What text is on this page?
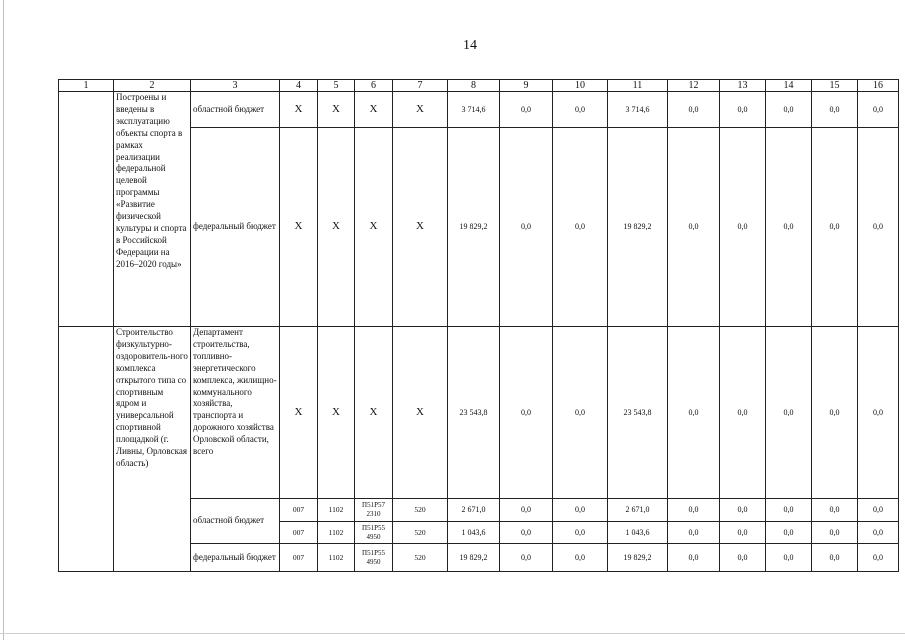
14
1	2	3	4	5	6	7	8	9	10	11	12	13	14	15	16
	Построены и введены в эксплуатацию объекты спорта в рамках реализации федеральной целевой программы «Развитие физической культуры и спорта в Российской Федерации на 2016–2020 годы»	областной бюджет	X	X	X	X	3 714,6	0,0	0,0	3 714,6	0,0	0,0	0,0	0,0	0,0
		федеральный бюджет	X	X	X	X	19 829,2	0,0	0,0	19 829,2	0,0	0,0	0,0	0,0	0,0
	Строительство физкультурно-оздоровитель-ного комплекса открытого типа со спортивным ядром и универсальной спортивной площадкой (г. Ливны, Орловская область)	Департамент строительства, топливно-энергетического комплекса, жилищно-коммунального хозяйства, транспорта и дорожного хозяйства Орловской области, всего	X	X	X	X	23 543,8	0,0	0,0	23 543,8	0,0	0,0	0,0	0,0	0,0
		областной бюджет	007	1102	П51Р57 2310	520	2 671,0	0,0	0,0	2 671,0	0,0	0,0	0,0	0,0	0,0
			007	1102	П51Р55 4950	520	1 043,6	0,0	0,0	1 043,6	0,0	0,0	0,0	0,0	0,0
		федеральный бюджет	007	1102	П51Р55 4950	520	19 829,2	0,0	0,0	19 829,2	0,0	0,0	0,0	0,0	0,0
